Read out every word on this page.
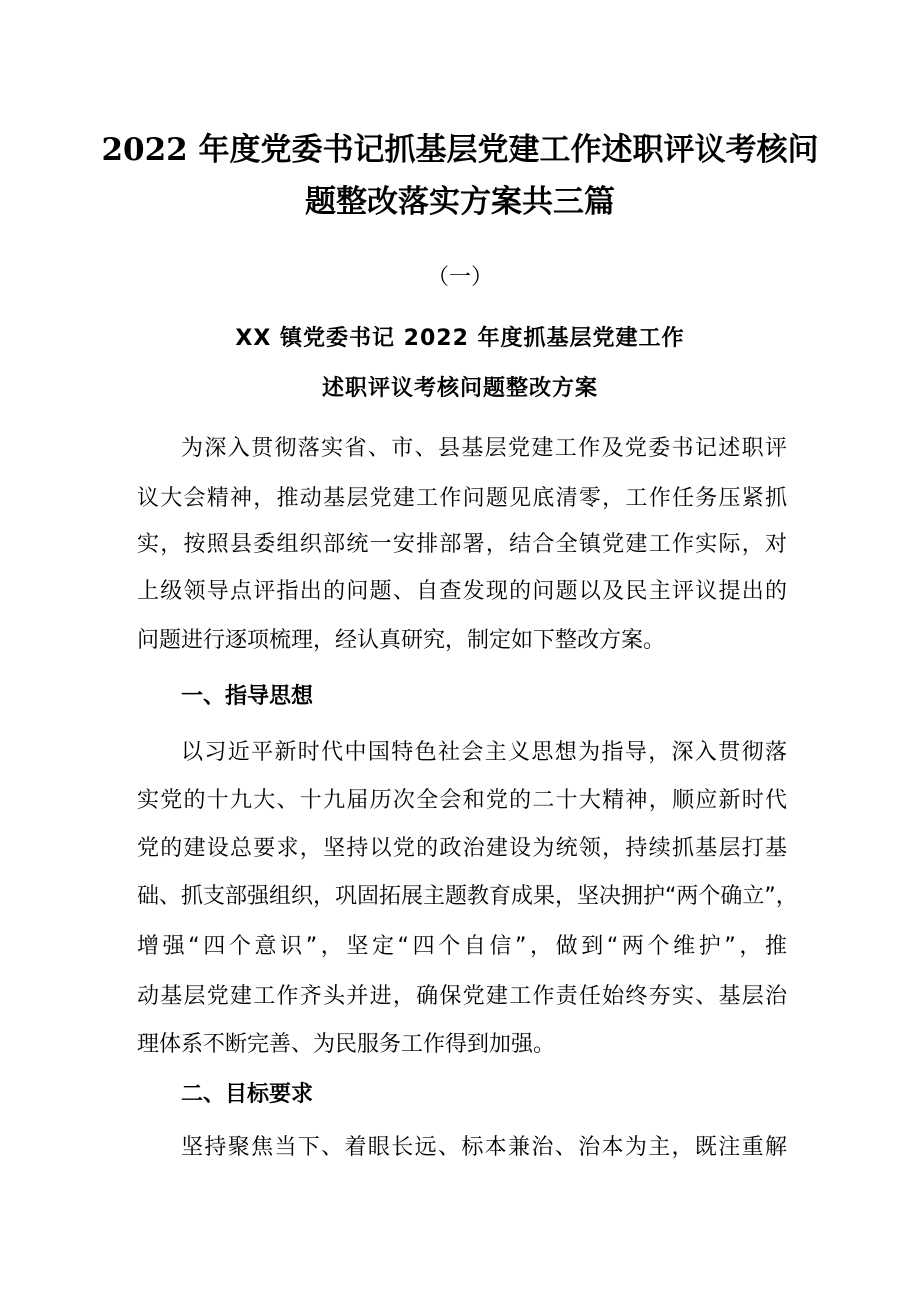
2022 年度党委书记抓基层党建工作述职评议考核问
题整改落实方案共三篇
（一）
XX 镇党委书记 2022 年度抓基层党建工作
述职评议考核问题整改方案
为深入贯彻落实省、市、县基层党建工作及党委书记述职评
议大会精神，推动基层党建工作问题见底清零，工作任务压紧抓
实，按照县委组织部统一安排部署，结合全镇党建工作实际，对
上级领导点评指出的问题、自查发现的问题以及民主评议提出的
问题进行逐项梳理，经认真研究，制定如下整改方案。
一、指导思想
以习近平新时代中国特色社会主义思想为指导，深入贯彻落
实党的十九大、十九届历次全会和党的二十大精神，顺应新时代
党的建设总要求，坚持以党的政治建设为统领，持续抓基层打基
础、抓支部强组织，巩固拓展主题教育成果，坚决拥护“两个确立”，
增强“四个意识”，坚定“四个自信”，做到“两个维护”，推
动基层党建工作齐头并进，确保党建工作责任始终夯实、基层治
理体系不断完善、为民服务工作得到加强。
二、目标要求
坚持聚焦当下、着眼长远、标本兼治、治本为主，既注重解
